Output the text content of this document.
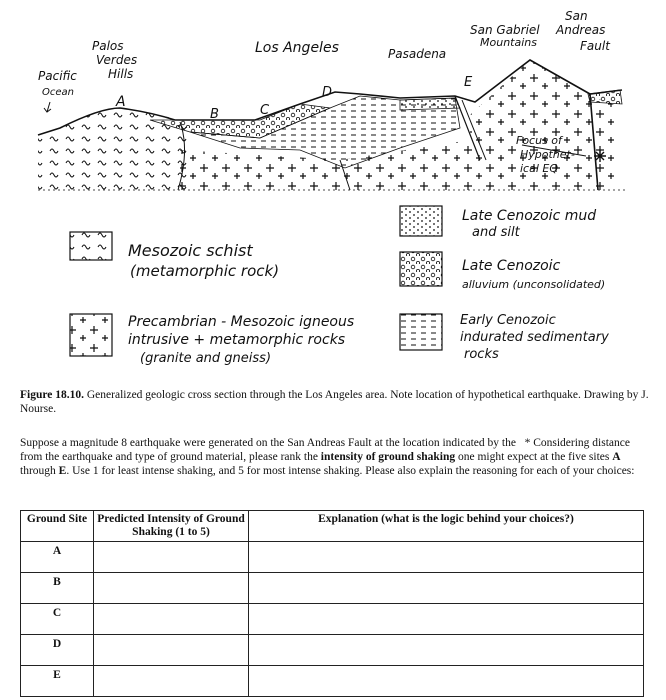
Pacific
Ocean
Palos
Verdes
Hills
Los Angeles	Pasadena
San Gabriel
Mountains
San
Andreas
Fault
A
B	C
D
E
Focus of
Hypothet-
ical EQ
Mesozoic schist
(metamorphic rock)
Precambrian - Mesozoic igneous
intrusive + metamorphic rocks
(granite and gneiss)
Late Cenozoic mud
and silt
Late Cenozoic
alluvium (unconsolidated)
Early Cenozoic
indurated sedimentary
rocks
Figure 18.10. Generalized geologic cross section through the Los Angeles area. Note location of hypothetical earthquake. Drawing by J. Nourse.
Suppose a magnitude 8 earthquake were generated on the San Andreas Fault at the location indicated by the * Considering distance from the earthquake and type of ground material, please rank the intensity of ground shaking one might expect at the five sites A through E. Use 1 for least intense shaking, and 5 for most intense shaking. Please also explain the reasoning for each of your choices:
Ground Site	Predicted Intensity of Ground Shaking (1 to 5)	Explanation (what is the logic behind your choices?)
A		
B		
C		
D		
E		
